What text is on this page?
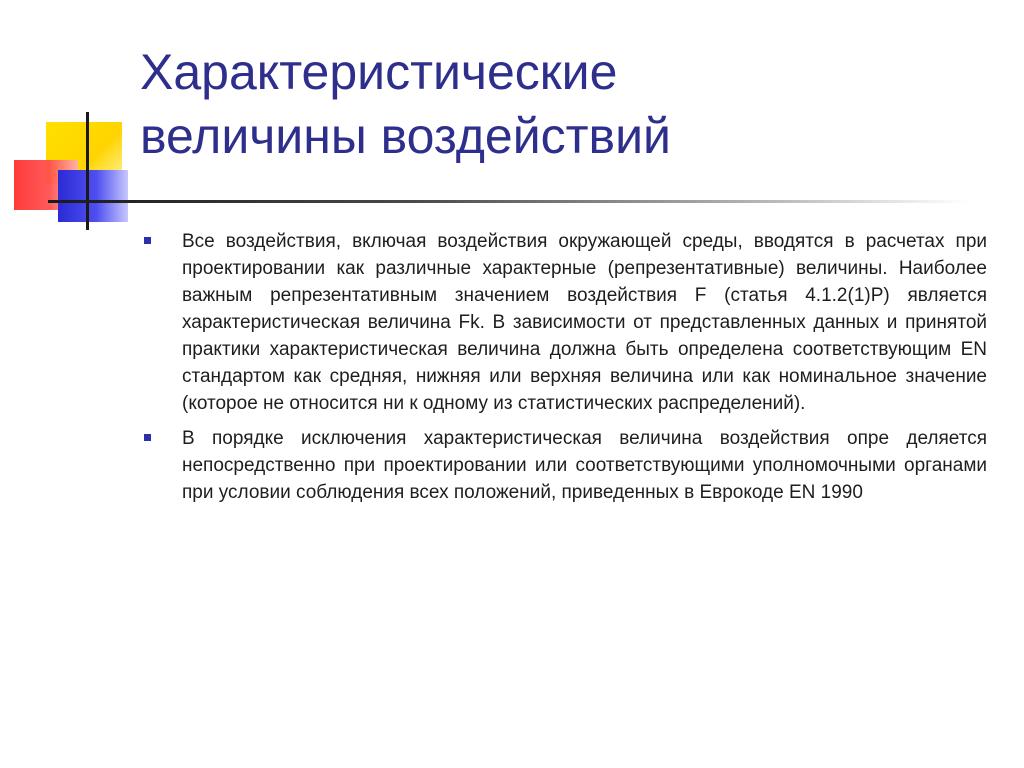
Характеристические
величины воздействий
Все воздействия, включая воздействия окружающей среды, вводятся в расчетах при проектировании как различные характерные (репрезентативные) величины. Наиболее важным репрезентативным значением воздействия F (статья 4.1.2(1)P) является характеристическая величина Fk. В зависимости от представленных данных и принятой практики характеристическая величина должна быть определена соответствующим EN стандартом как средняя, нижняя или верхняя величина или как номинальное значение (которое не относится ни к одному из статистических распределений).
В порядке исключения характеристическая величина воздействия опре деляется непосредственно при проектировании или соответствующими уполномочными органами при условии соблюдения всех положений, приведенных в Еврокоде EN 1990
